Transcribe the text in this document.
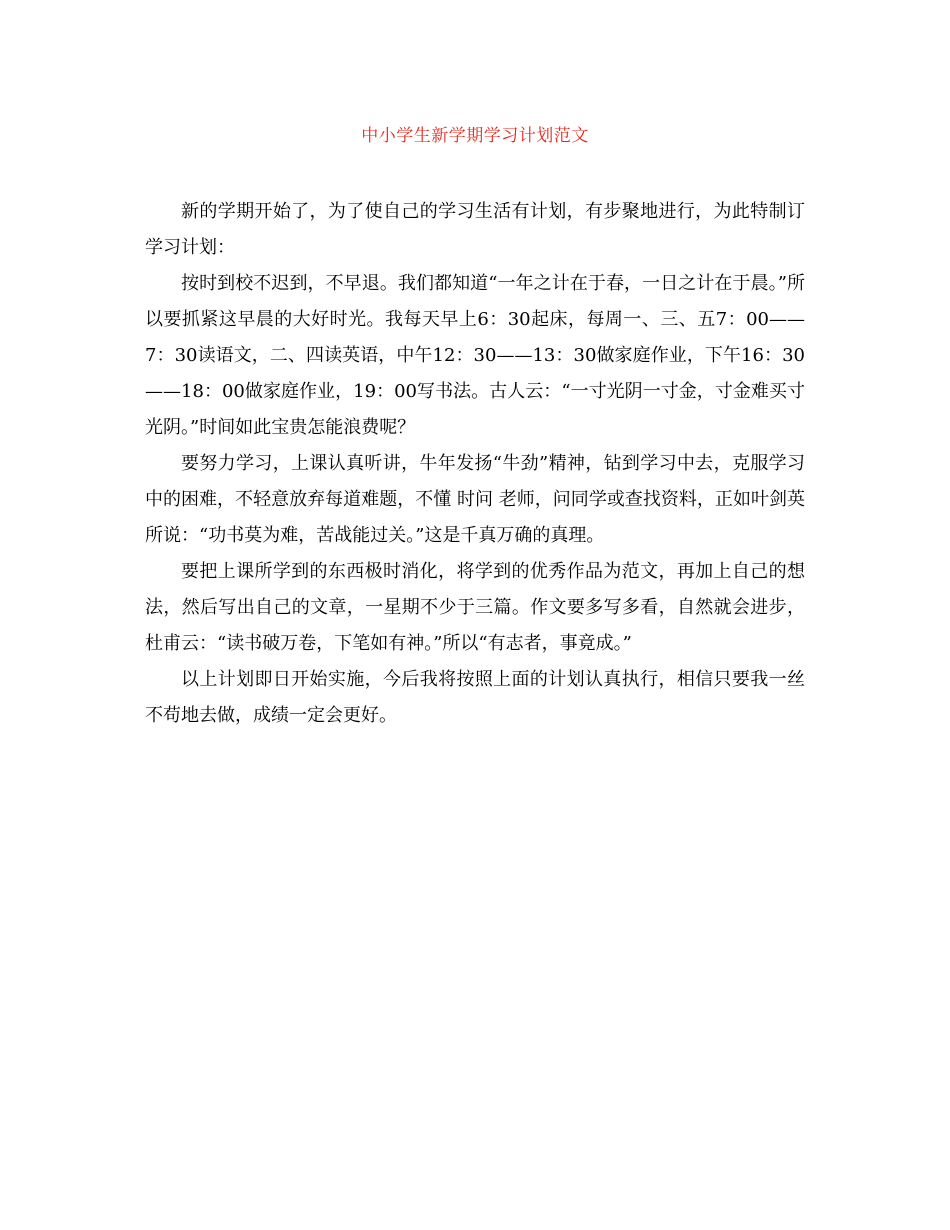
中小学生新学期学习计划范文

新的学期开始了，为了使自己的学习生活有计划，有步聚地进行，为此特制订学习计划：

按时到校不迟到，不早退。我们都知道“一年之计在于春，一日之计在于晨。”所以要抓紧这早晨的大好时光。我每天早上6：30起床，每周一、三、五7：00——7：30读语文，二、四读英语，中午12：30——13：30做家庭作业，下午16：30——18：00做家庭作业，19：00写书法。古人云：“一寸光阴一寸金，寸金难买寸光阴。”时间如此宝贵怎能浪费呢？

要努力学习，上课认真听讲，牛年发扬“牛劲”精神，钻到学习中去，克服学习中的困难，不轻意放弃每道难题，不懂 时问 老师，问同学或查找资料，正如叶剑英所说：“功书莫为难，苦战能过关。”这是千真万确的真理。

要把上课所学到的东西极时消化，将学到的优秀作品为范文，再加上自己的想法，然后写出自己的文章，一星期不少于三篇。作文要多写多看，自然就会进步，杜甫云：“读书破万卷，下笔如有神。”所以“有志者，事竟成。”

以上计划即日开始实施，今后我将按照上面的计划认真执行，相信只要我一丝不苟地去做，成绩一定会更好。
